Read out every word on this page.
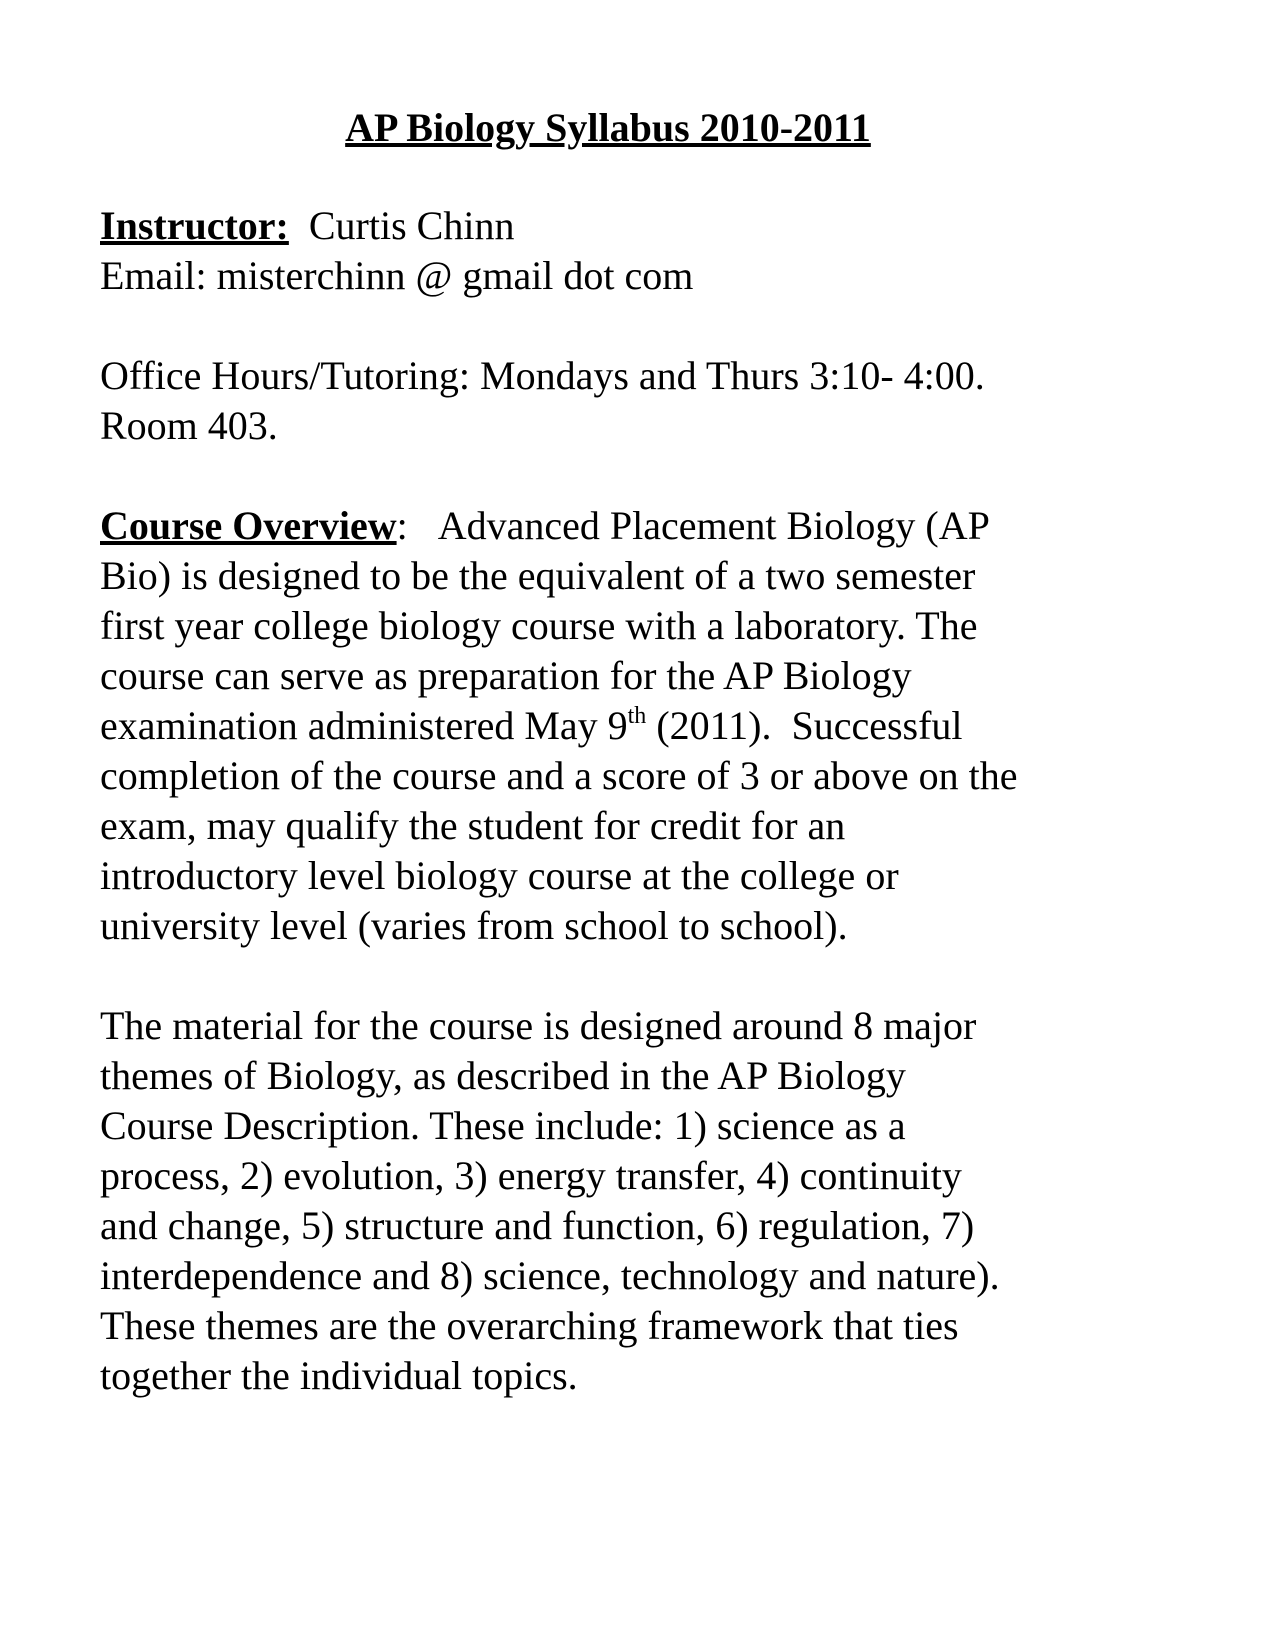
AP Biology Syllabus 2010-2011
Instructor: Curtis Chinn
Email: misterchinn @ gmail dot com
Office Hours/Tutoring: Mondays and Thurs 3:10- 4:00.
Room 403.
Course Overview: Advanced Placement Biology (AP
Bio) is designed to be the equivalent of a two semester
first year college biology course with a laboratory. The
course can serve as preparation for the AP Biology
examination administered May 9th (2011).  Successful
completion of the course and a score of 3 or above on the
exam, may qualify the student for credit for an
introductory level biology course at the college or
university level (varies from school to school).
The material for the course is designed around 8 major
themes of Biology, as described in the AP Biology
Course Description. These include: 1) science as a
process, 2) evolution, 3) energy transfer, 4) continuity
and change, 5) structure and function, 6) regulation, 7)
interdependence and 8) science, technology and nature).
These themes are the overarching framework that ties
together the individual topics.
